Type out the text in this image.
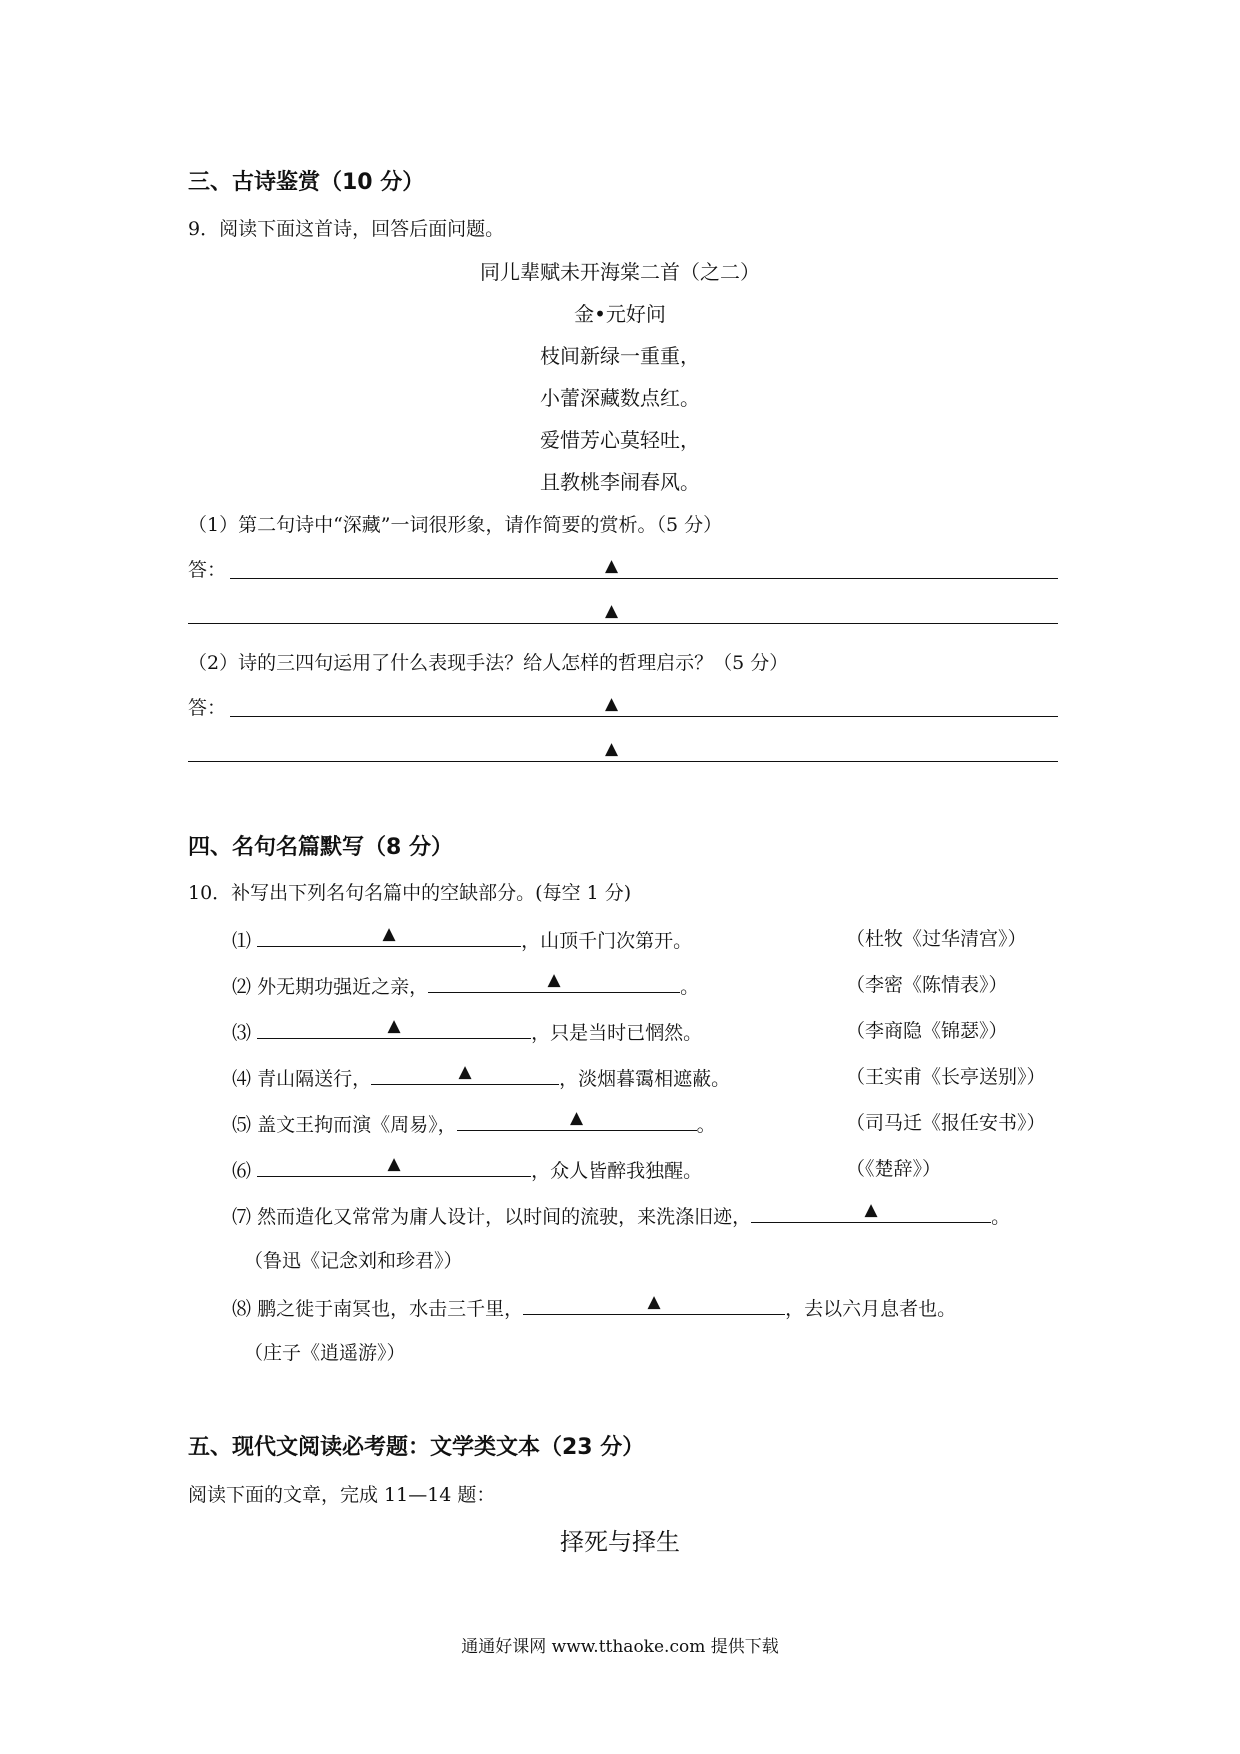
三、古诗鉴赏（10 分）
9．阅读下面这首诗，回答后面问题。
同儿辈赋未开海棠二首（之二）
金•元好问
枝间新绿一重重，
小蕾深藏数点红。
爱惜芳心莫轻吐，
且教桃李闹春风。
（1）第二句诗中“深藏”一词很形象，请作简要的赏析。（5 分）
答：	▲
▲
（2）诗的三四句运用了什么表现手法？给人怎样的哲理启示？（5 分）
答：	▲
▲
四、名句名篇默写（8 分）
10．补写出下列名句名篇中的空缺部分。(每空 1 分)
⑴	▲	，山顶千门次第开。	（杜牧《过华清宫》）
⑵ 外无期功强近之亲，	▲	。	（李密《陈情表》）
⑶	▲	，只是当时已惘然。	（李商隐《锦瑟》）
⑷ 青山隔送行，	▲	，淡烟暮霭相遮蔽。	（王实甫《长亭送别》）
⑸ 盖文王拘而演《周易》，	▲	。	（司马迁《报任安书》）
⑹	▲	，众人皆醉我独醒。	（《楚辞》）
⑺ 然而造化又常常为庸人设计，以时间的流驶，来洗涤旧迹，	▲	。
（鲁迅《记念刘和珍君》）
⑻ 鹏之徙于南冥也，水击三千里，	▲	，去以六月息者也。
（庄子《逍遥游》）
五、现代文阅读必考题：文学类文本（23 分）
阅读下面的文章，完成 11—14 题：
择死与择生
通通好课网 www.tthaoke.com 提供下载
